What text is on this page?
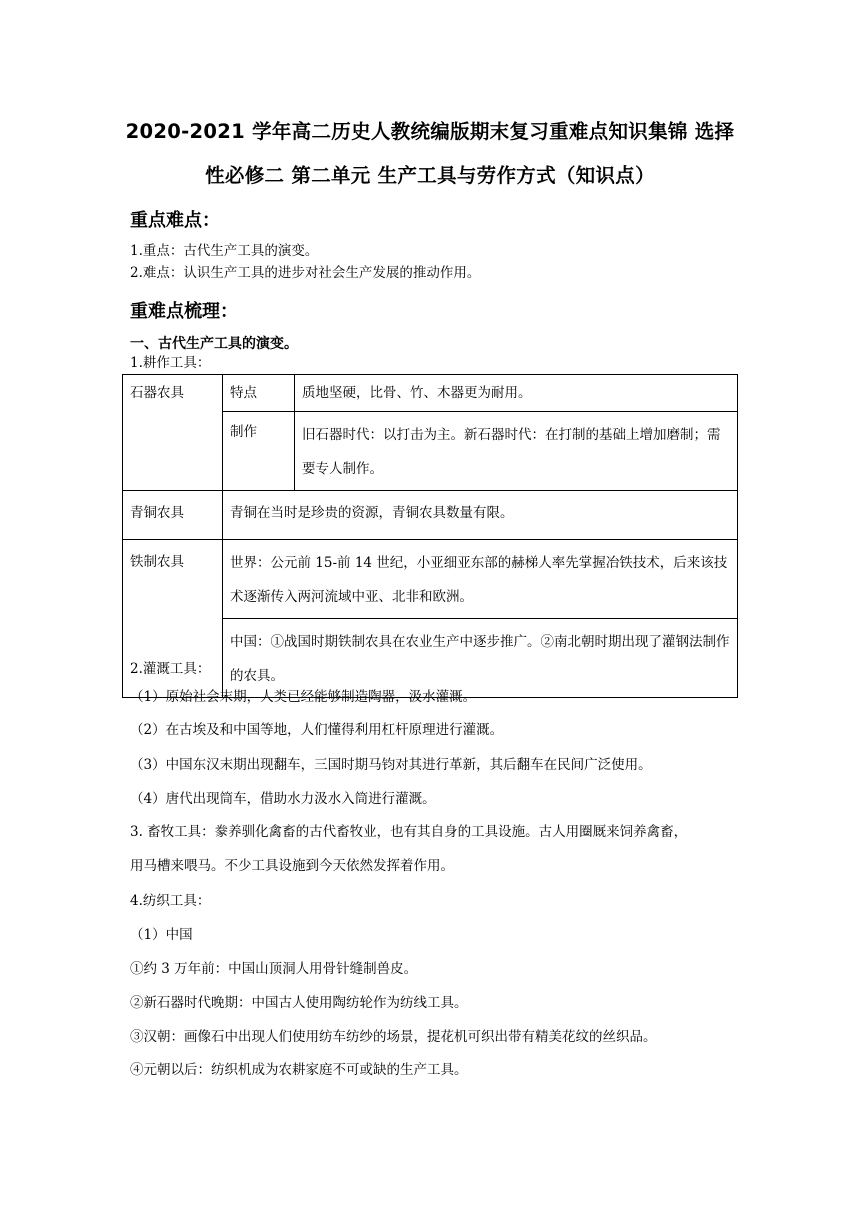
2020-2021 学年高二历史人教统编版期末复习重难点知识集锦 选择
性必修二 第二单元 生产工具与劳作方式（知识点）
重点难点：
1.重点：古代生产工具的演变。
2.难点：认识生产工具的进步对社会生产发展的推动作用。
重难点梳理：
一、古代生产工具的演变。
1.耕作工具：
石器农具	特点	质地坚硬，比骨、竹、木器更为耐用。
	制作	旧石器时代：以打击为主。新石器时代：在打制的基础上增加磨制；需要专人制作。
青铜农具	青铜在当时是珍贵的资源，青铜农具数量有限。	
铁制农具	世界：公元前 15-前 14 世纪，小亚细亚东部的赫梯人率先掌握冶铁技术，后来该技术逐渐传入两河流域中亚、北非和欧洲。	
	中国：①战国时期铁制农具在农业生产中逐步推广。②南北朝时期出现了灌钢法制作的农具。	
2.灌溉工具：
（1）原始社会末期，人类已经能够制造陶器，汲水灌溉。
（2）在古埃及和中国等地，人们懂得利用杠杆原理进行灌溉。
（3）中国东汉末期出现翻车，三国时期马钧对其进行革新，其后翻车在民间广泛使用。
（4）唐代出现筒车，借助水力汲水入筒进行灌溉。
3. 畜牧工具：豢养驯化禽畜的古代畜牧业，也有其自身的工具设施。古人用圈厩来饲养禽畜，
用马槽来喂马。不少工具设施到今天依然发挥着作用。
4.纺织工具：
（1）中国
①约 3 万年前：中国山顶洞人用骨针缝制兽皮。
②新石器时代晚期：中国古人使用陶纺轮作为纺线工具。
③汉朝：画像石中出现人们使用纺车纺纱的场景，提花机可织出带有精美花纹的丝织品。
④元朝以后：纺织机成为农耕家庭不可或缺的生产工具。
